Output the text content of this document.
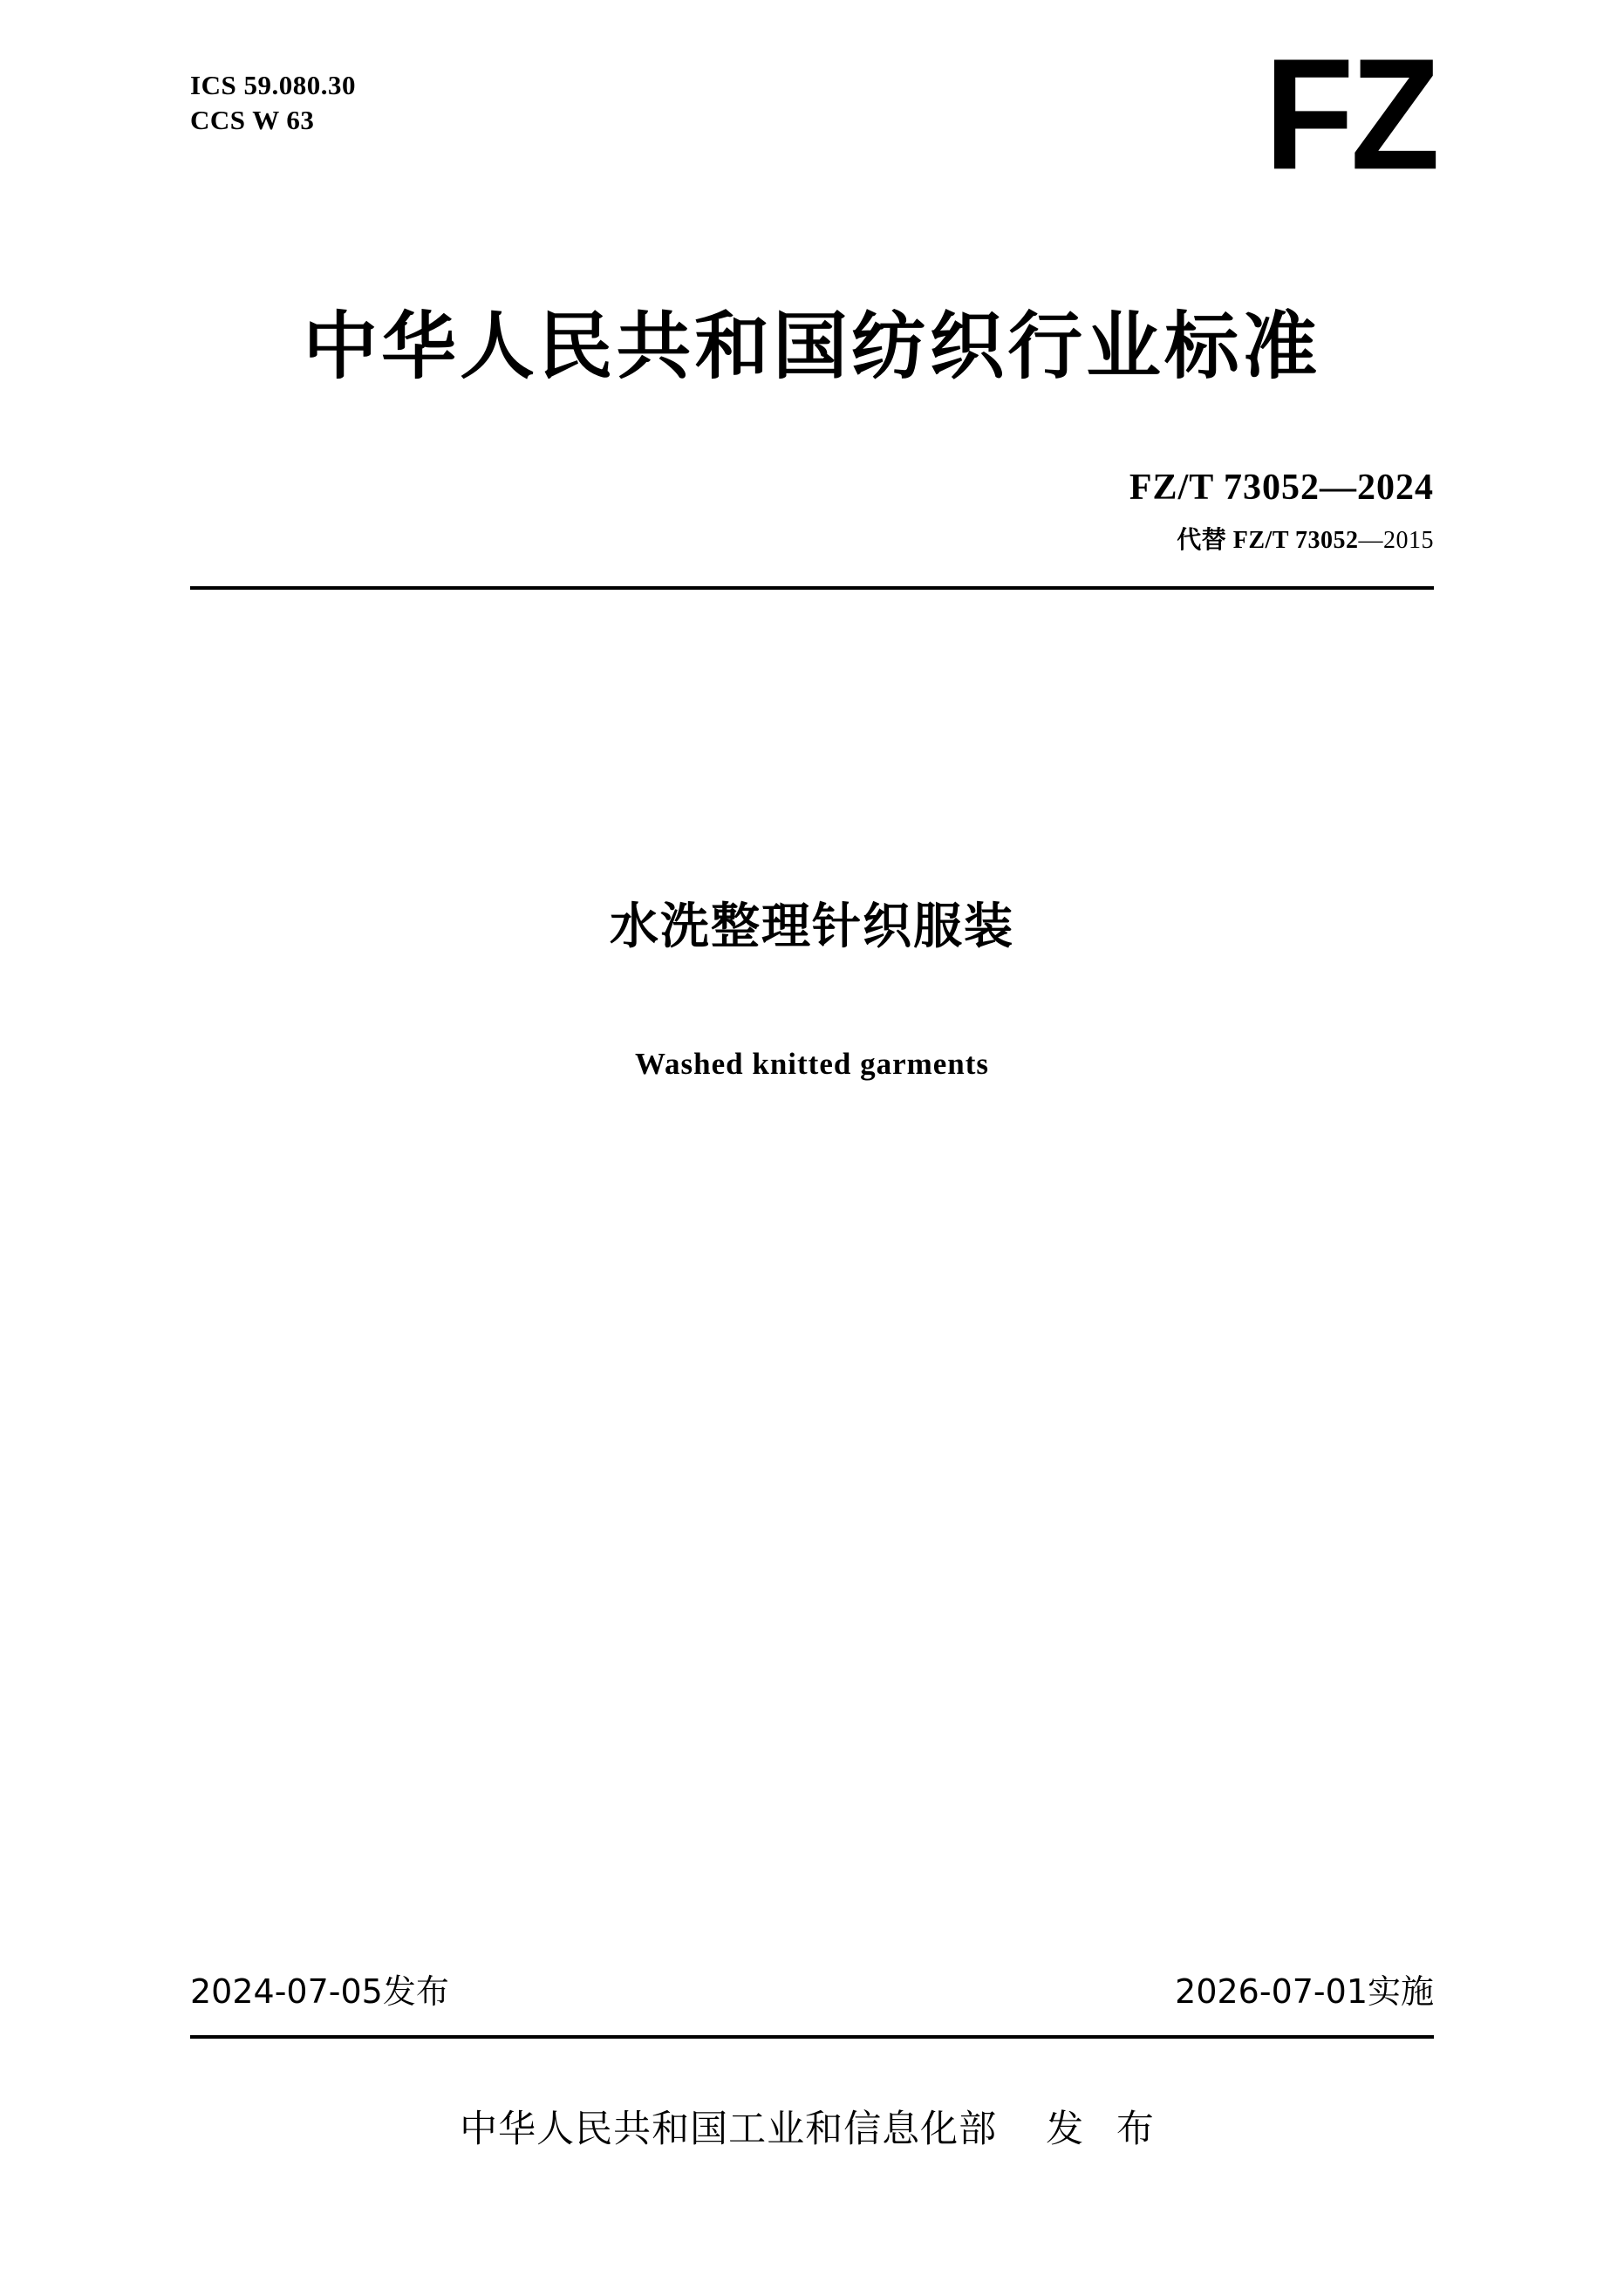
ICS 59.080.30
CCS W 63	FZ
中华人民共和国纺织行业标准
FZ/T 73052—2024
代替 FZ/T 73052—2015
水洗整理针织服装
Washed knitted garments
2024-07-05发布	2026-07-01实施
中华人民共和国工业和信息化部 发 布
